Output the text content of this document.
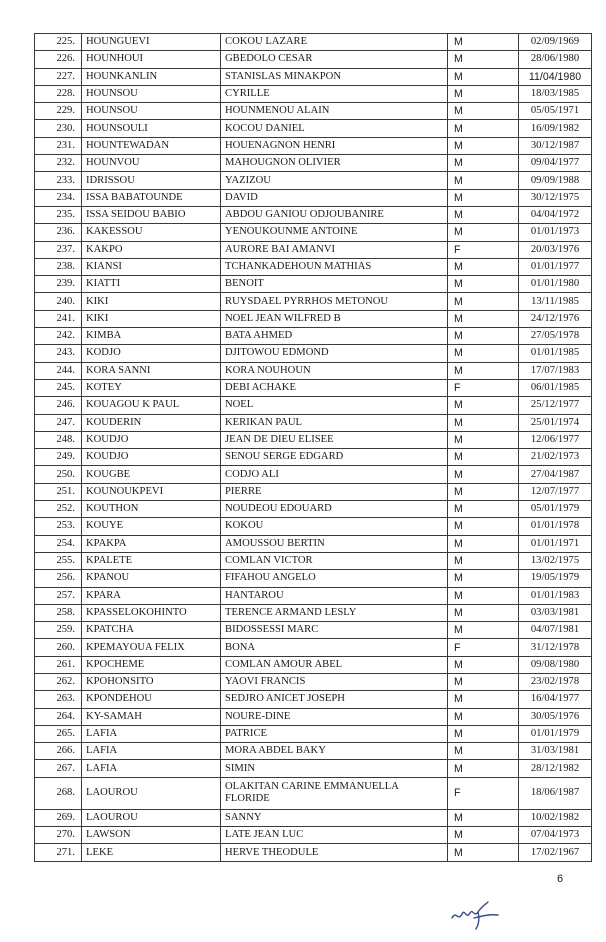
225.	HOUNGUEVI	COKOU LAZARE	M	02/09/1969
226.	HOUNHOUI	GBEDOLO CESAR	M	28/06/1980
227.	HOUNKANLIN	STANISLAS MINAKPON	M	11/04/1980
228.	HOUNSOU	CYRILLE	M	18/03/1985
229.	HOUNSOU	HOUNMENOU ALAIN	M	05/05/1971
230.	HOUNSOULI	KOCOU DANIEL	M	16/09/1982
231.	HOUNTEWADAN	HOUENAGNON HENRI	M	30/12/1987
232.	HOUNVOU	MAHOUGNON OLIVIER	M	09/04/1977
233.	IDRISSOU	YAZIZOU	M	09/09/1988
234.	ISSA BABATOUNDE	DAVID	M	30/12/1975
235.	ISSA SEIDOU BABIO	ABDOU GANIOU ODJOUBANIRE	M	04/04/1972
236.	KAKESSOU	YENOUKOUNME ANTOINE	M	01/01/1973
237.	KAKPO	AURORE BAI AMANVI	F	20/03/1976
238.	KIANSI	TCHANKADEHOUN MATHIAS	M	01/01/1977
239.	KIATTI	BENOIT	M	01/01/1980
240.	KIKI	RUYSDAEL PYRRHOS METONOU	M	13/11/1985
241.	KIKI	NOEL JEAN WILFRED B	M	24/12/1976
242.	KIMBA	BATA AHMED	M	27/05/1978
243.	KODJO	DJITOWOU EDMOND	M	01/01/1985
244.	KORA SANNI	KORA NOUHOUN	M	17/07/1983
245.	KOTEY	DEBI ACHAKE	F	06/01/1985
246.	KOUAGOU K PAUL	NOEL	M	25/12/1977
247.	KOUDERIN	KERIKAN PAUL	M	25/01/1974
248.	KOUDJO	JEAN DE DIEU ELISEE	M	12/06/1977
249.	KOUDJO	SENOU SERGE EDGARD	M	21/02/1973
250.	KOUGBE	CODJO ALI	M	27/04/1987
251.	KOUNOUKPEVI	PIERRE	M	12/07/1977
252.	KOUTHON	NOUDEOU EDOUARD	M	05/01/1979
253.	KOUYE	KOKOU	M	01/01/1978
254.	KPAKPA	AMOUSSOU BERTIN	M	01/01/1971
255.	KPALETE	COMLAN VICTOR	M	13/02/1975
256.	KPANOU	FIFAHOU ANGELO	M	19/05/1979
257.	KPARA	HANTAROU	M	01/01/1983
258.	KPASSELOKOHINTO	TERENCE ARMAND LESLY	M	03/03/1981
259.	KPATCHA	BIDOSSESSI MARC	M	04/07/1981
260.	KPEMAYOUA FELIX	BONA	F	31/12/1978
261.	KPOCHEME	COMLAN AMOUR ABEL	M	09/08/1980
262.	KPOHONSITO	YAOVI FRANCIS	M	23/02/1978
263.	KPONDEHOU	SEDJRO ANICET JOSEPH	M	16/04/1977
264.	KY-SAMAH	NOURE-DINE	M	30/05/1976
265.	LAFIA	PATRICE	M	01/01/1979
266.	LAFIA	MORA ABDEL BAKY	M	31/03/1981
267.	LAFIA	SIMIN	M	28/12/1982
268.	LAOUROU	OLAKITAN CARINE EMMANUELLA FLORIDE	F	18/06/1987
269.	LAOUROU	SANNY	M	10/02/1982
270.	LAWSON	LATE JEAN LUC	M	07/04/1973
271.	LEKE	HERVE THEODULE	M	17/02/1967
6
